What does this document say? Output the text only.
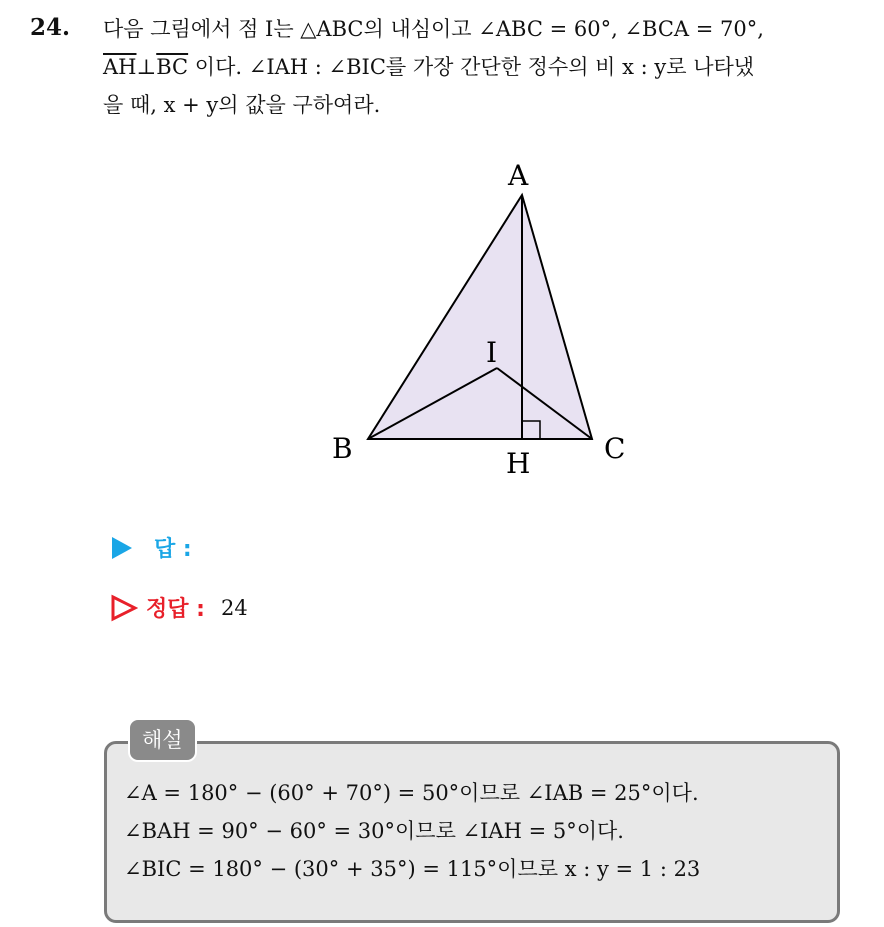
24. 다음 그림에서 점 I는 △ABC의 내심이고 ∠ABC = 60°, ∠BCA = 70°,
$\overline{AH}\perp\overline{BC}$ 이다. ∠IAH : ∠BIC를 가장 간단한 정수의 비 x : y로 나타냈
을 때, x + y의 값을 구하여라.
A
B	C
I
H
답 :
정답 : 24
해설
∠A = 180° − (60° + 70°) = 50°이므로 ∠IAB = 25°이다.
∠BAH = 90° − 60° = 30°이므로 ∠IAH = 5°이다.
∠BIC = 180° − (30° + 35°) = 115°이므로 x : y = 1 : 23
